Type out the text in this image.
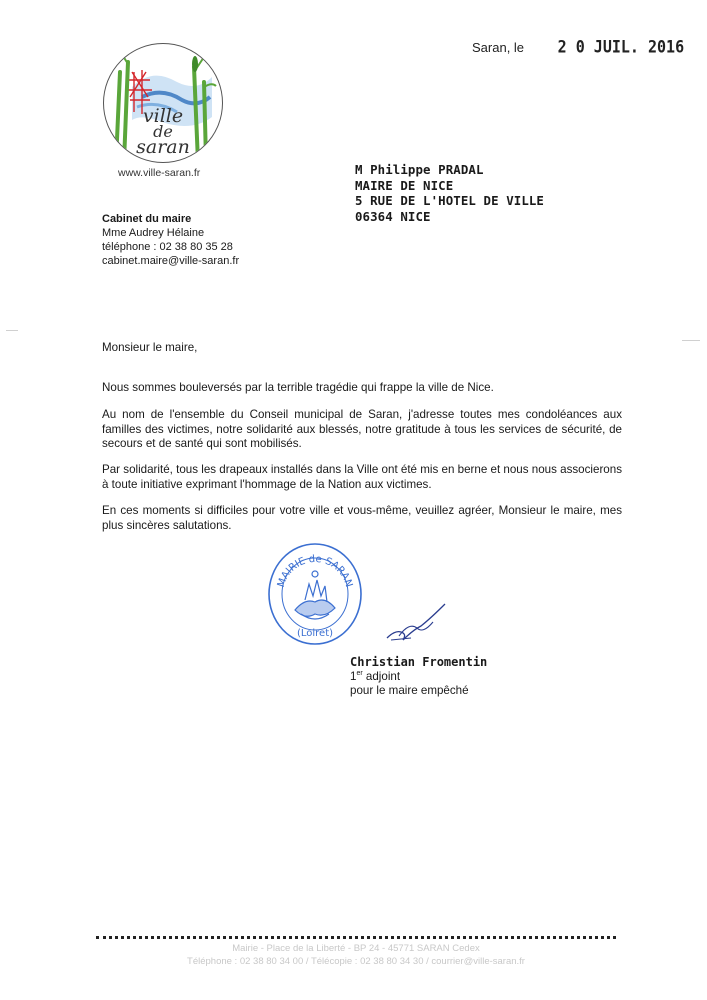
ville
de
saran
www.ville-saran.fr
Cabinet du maire
Mme Audrey Hélaine
téléphone : 02 38 80 35 28
cabinet.maire@ville-saran.fr
Saran, le 2 0 JUIL. 2016
M Philippe PRADAL
MAIRE DE NICE
5 RUE DE L'HOTEL DE VILLE
06364 NICE
Monsieur le maire,
Nous sommes bouleversés par la terrible tragédie qui frappe la ville de Nice.
Au nom de l'ensemble du Conseil municipal de Saran, j'adresse toutes mes condoléances aux familles des victimes, notre solidarité aux blessés, notre gratitude à tous les services de sécurité, de secours et de santé qui sont mobilisés.
Par solidarité, tous les drapeaux installés dans la Ville ont été mis en berne et nous nous associerons à toute initiative exprimant l'hommage de la Nation aux victimes.
En ces moments si difficiles pour votre ville et vous-même, veuillez agréer, Monsieur le maire, mes plus sincères salutations.
MAIRIE de SARAN
(Loiret)
Christian Fromentin
1er adjoint
pour le maire empêché
Mairie - Place de la Liberté - BP 24 - 45771 SARAN Cedex
Téléphone : 02 38 80 34 00 / Télécopie : 02 38 80 34 30 / courrier@ville-saran.fr
